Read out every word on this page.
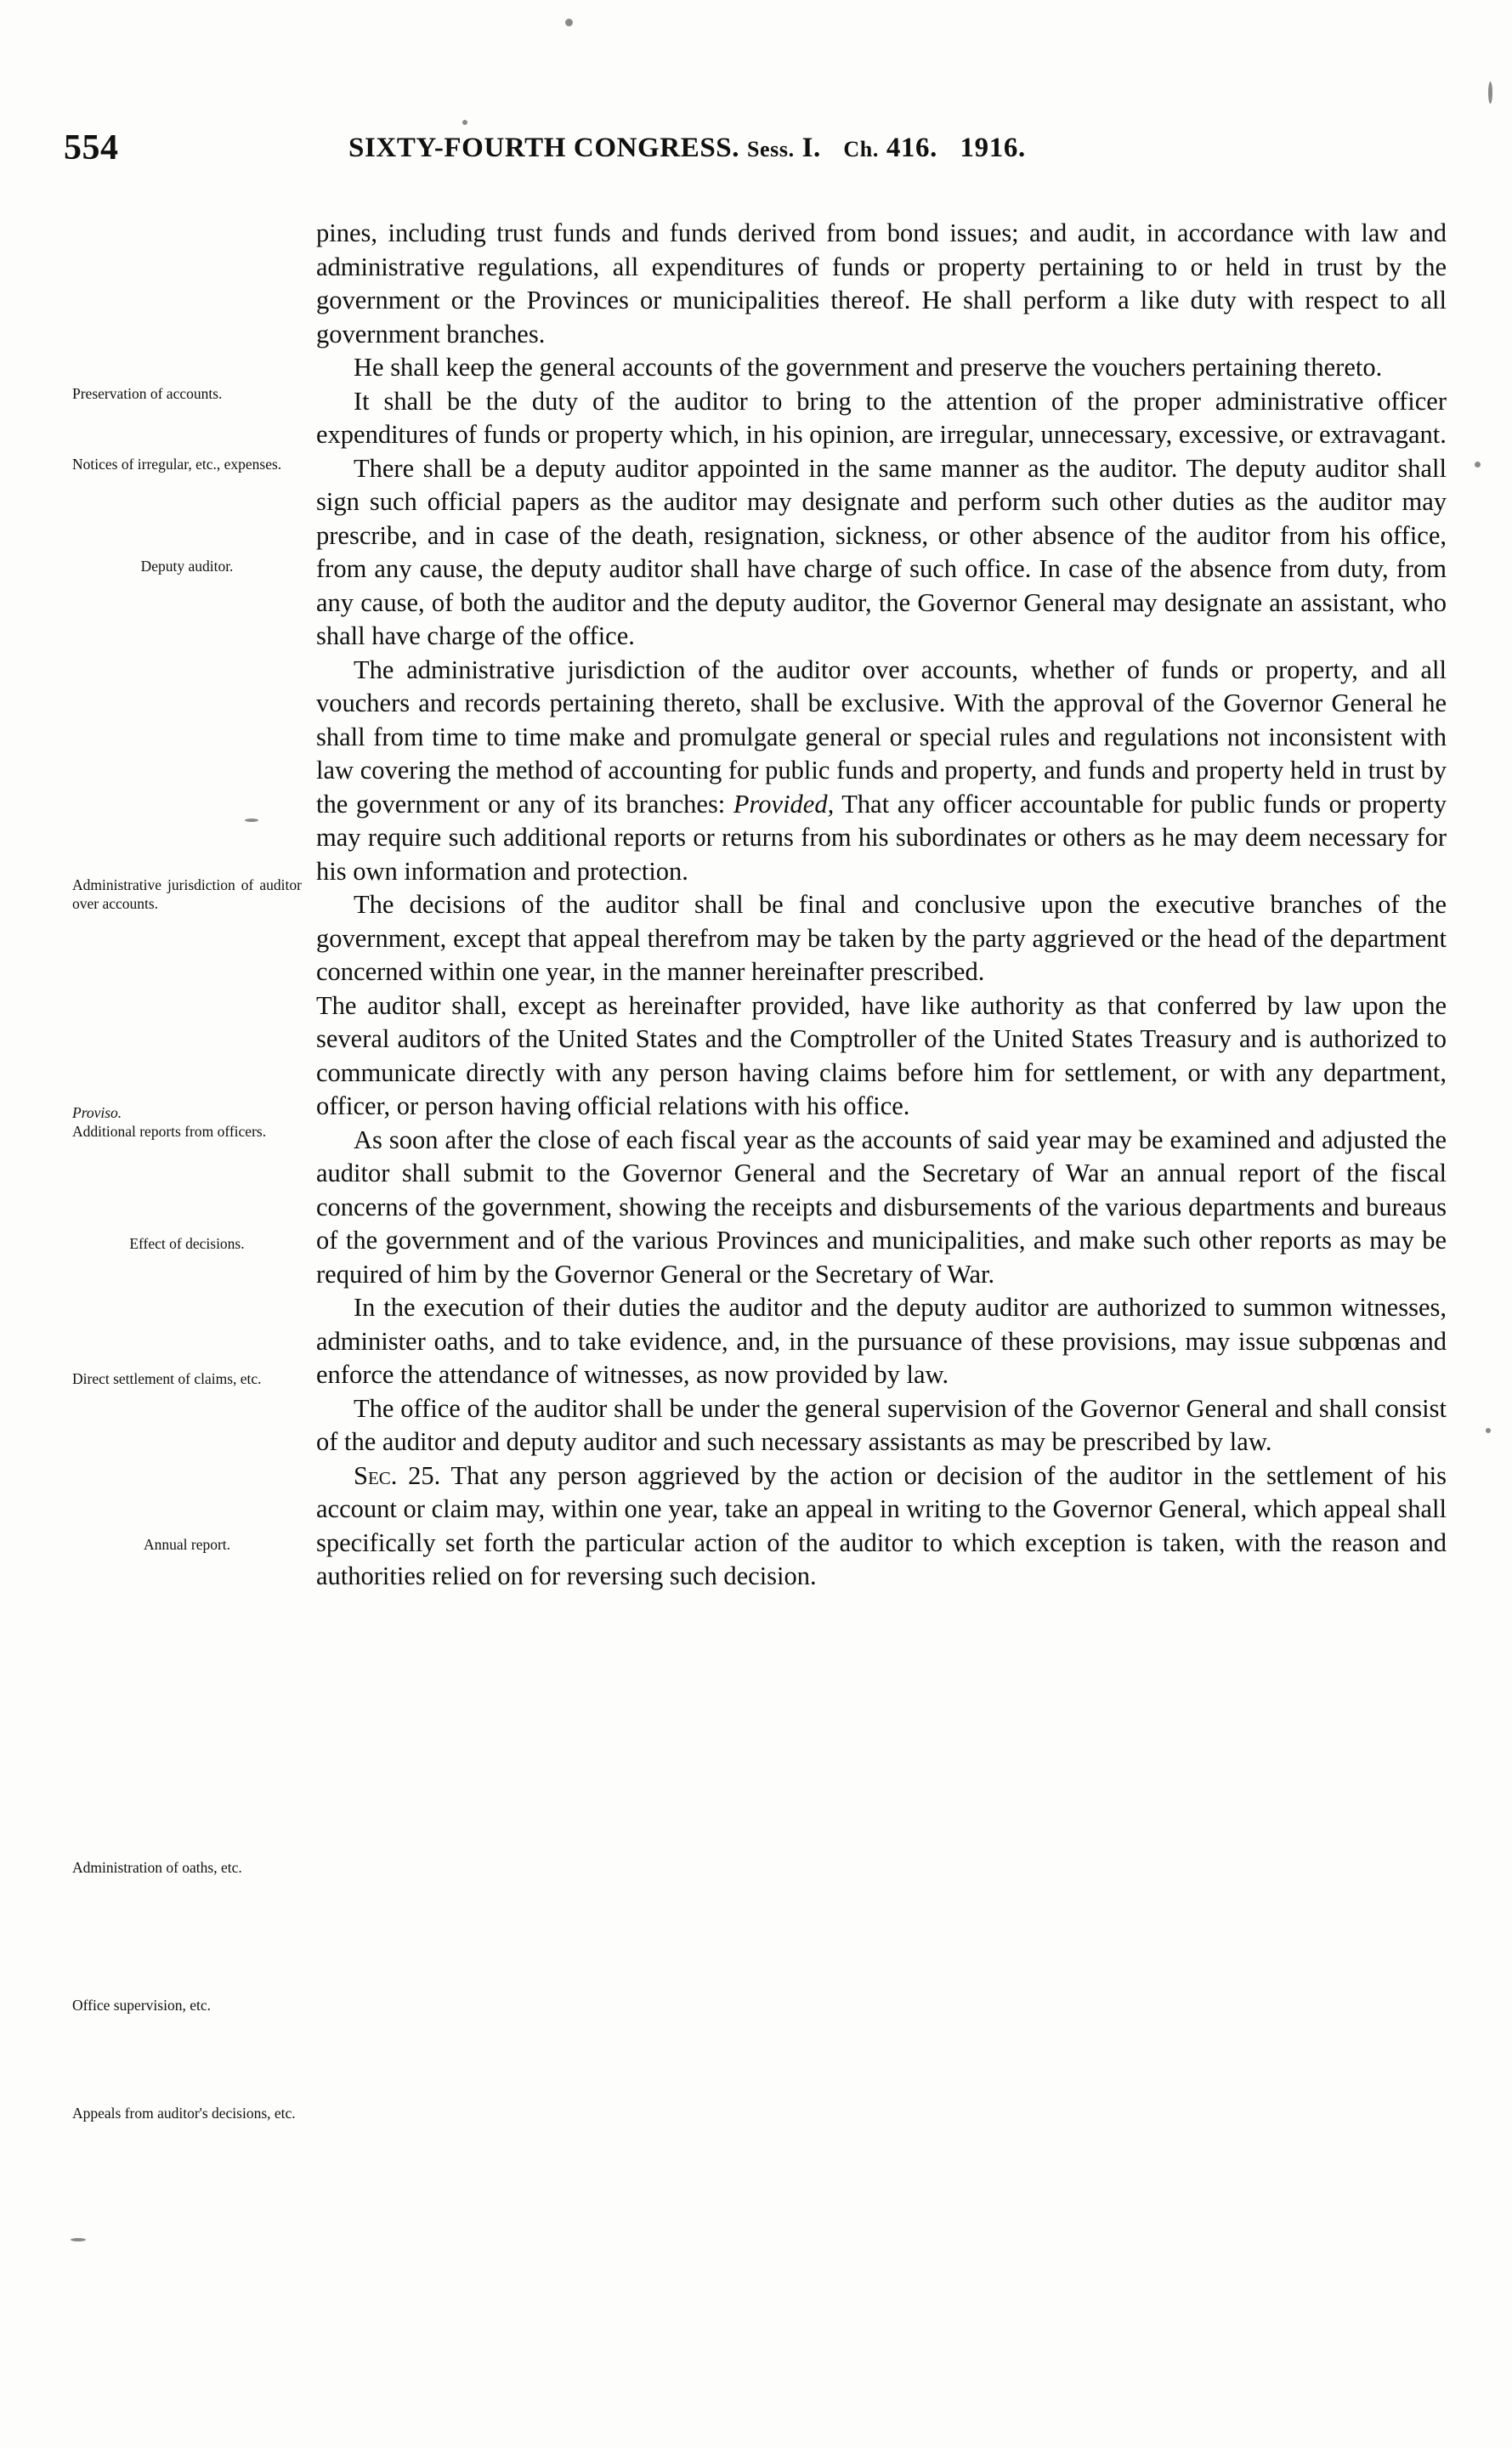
554	SIXTY-FOURTH CONGRESS. Sess. I. Ch. 416. 1916.
Preservation of accounts.
Notices of irregular, etc., expenses.
Deputy auditor.
Administrative jurisdiction of auditor over accounts.
Proviso.
Additional reports from officers.
Effect of decisions.
Direct settlement of claims, etc.
Annual report.
Administration of oaths, etc.
Office supervision, etc.
Appeals from auditor's decisions, etc.

pines, including trust funds and funds derived from bond issues; and audit, in accordance with law and administrative regulations, all expenditures of funds or property pertaining to or held in trust by the government or the Provinces or municipalities thereof. He shall perform a like duty with respect to all government branches.

He shall keep the general accounts of the government and preserve the vouchers pertaining thereto.

It shall be the duty of the auditor to bring to the attention of the proper administrative officer expenditures of funds or property which, in his opinion, are irregular, unnecessary, excessive, or extravagant.

There shall be a deputy auditor appointed in the same manner as the auditor. The deputy auditor shall sign such official papers as the auditor may designate and perform such other duties as the auditor may prescribe, and in case of the death, resignation, sickness, or other absence of the auditor from his office, from any cause, the deputy auditor shall have charge of such office. In case of the absence from duty, from any cause, of both the auditor and the deputy auditor, the Governor General may designate an assistant, who shall have charge of the office.

The administrative jurisdiction of the auditor over accounts, whether of funds or property, and all vouchers and records pertaining thereto, shall be exclusive. With the approval of the Governor General he shall from time to time make and promulgate general or special rules and regulations not inconsistent with law covering the method of accounting for public funds and property, and funds and property held in trust by the government or any of its branches: Provided, That any officer accountable for public funds or property may require such additional reports or returns from his subordinates or others as he may deem necessary for his own information and protection.

The decisions of the auditor shall be final and conclusive upon the executive branches of the government, except that appeal therefrom may be taken by the party aggrieved or the head of the department concerned within one year, in the manner hereinafter prescribed.

The auditor shall, except as hereinafter provided, have like authority as that conferred by law upon the several auditors of the United States and the Comptroller of the United States Treasury and is authorized to communicate directly with any person having claims before him for settlement, or with any department, officer, or person having official relations with his office.

As soon after the close of each fiscal year as the accounts of said year may be examined and adjusted the auditor shall submit to the Governor General and the Secretary of War an annual report of the fiscal concerns of the government, showing the receipts and disbursements of the various departments and bureaus of the government and of the various Provinces and municipalities, and make such other reports as may be required of him by the Governor General or the Secretary of War.

In the execution of their duties the auditor and the deputy auditor are authorized to summon witnesses, administer oaths, and to take evidence, and, in the pursuance of these provisions, may issue subpœnas and enforce the attendance of witnesses, as now provided by law.

The office of the auditor shall be under the general supervision of the Governor General and shall consist of the auditor and deputy auditor and such necessary assistants as may be prescribed by law.

Sec. 25. That any person aggrieved by the action or decision of the auditor in the settlement of his account or claim may, within one year, take an appeal in writing to the Governor General, which appeal shall specifically set forth the particular action of the auditor to which exception is taken, with the reason and authorities relied on for reversing such decision.
